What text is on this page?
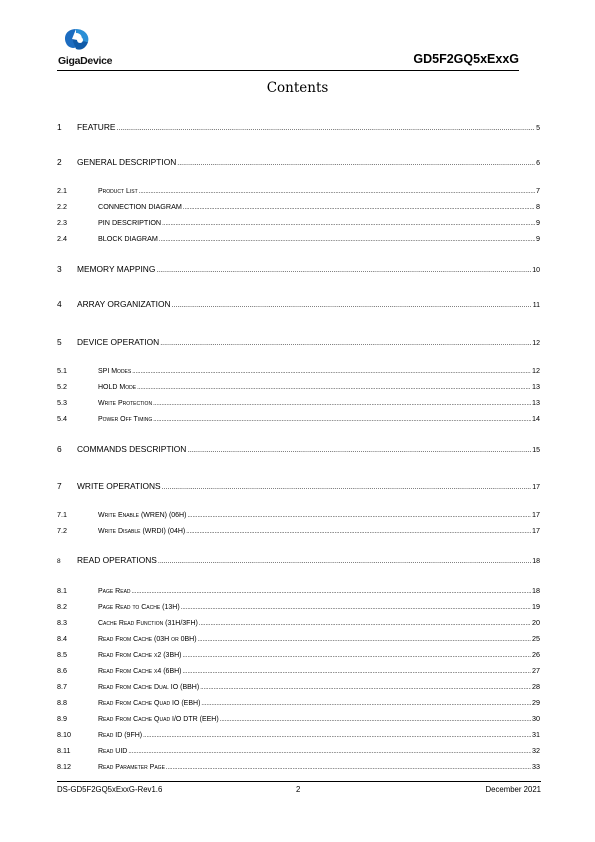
GigaDevice	GD5F2GQ5xExxG
Contents
1	FEATURE .....	5
2	GENERAL DESCRIPTION .....	6
2.1	Product List .....	7
2.2	CONNECTION DIAGRAM .....	8
2.3	PIN DESCRIPTION .....	9
2.4	BLOCK DIAGRAM .....	9
3	MEMORY MAPPING .....	10
4	ARRAY ORGANIZATION .....	11
5	DEVICE OPERATION .....	12
5.1	SPI Modes .....	12
5.2	HOLD Mode .....	13
5.3	Write Protection .....	13
5.4	Power Off Timing .....	14
6	COMMANDS DESCRIPTION .....	15
7	WRITE OPERATIONS .....	17
7.1	Write Enable (WREN) (06H) .....	17
7.2	Write Disable (WRDI) (04H) .....	17
8	READ OPERATIONS .....	18
8.1	Page Read .....	18
8.2	Page Read to Cache (13H) .....	19
8.3	Cache Read Function (31H/3FH) .....	20
8.4	Read From Cache (03H or 0BH) .....	25
8.5	Read From Cache x2 (3BH) .....	26
8.6	Read From Cache x4 (6BH) .....	27
8.7	Read From Cache Dual IO (BBH) .....	28
8.8	Read From Cache Quad IO (EBH) .....	29
8.9	Read From Cache Quad I/O DTR (EEH) .....	30
8.10	Read ID (9FH) .....	31
8.11	Read UID .....	32
8.12	Read Parameter Page .....	33
DS-GD5F2GQ5xExxG-Rev1.6	2	December 2021
